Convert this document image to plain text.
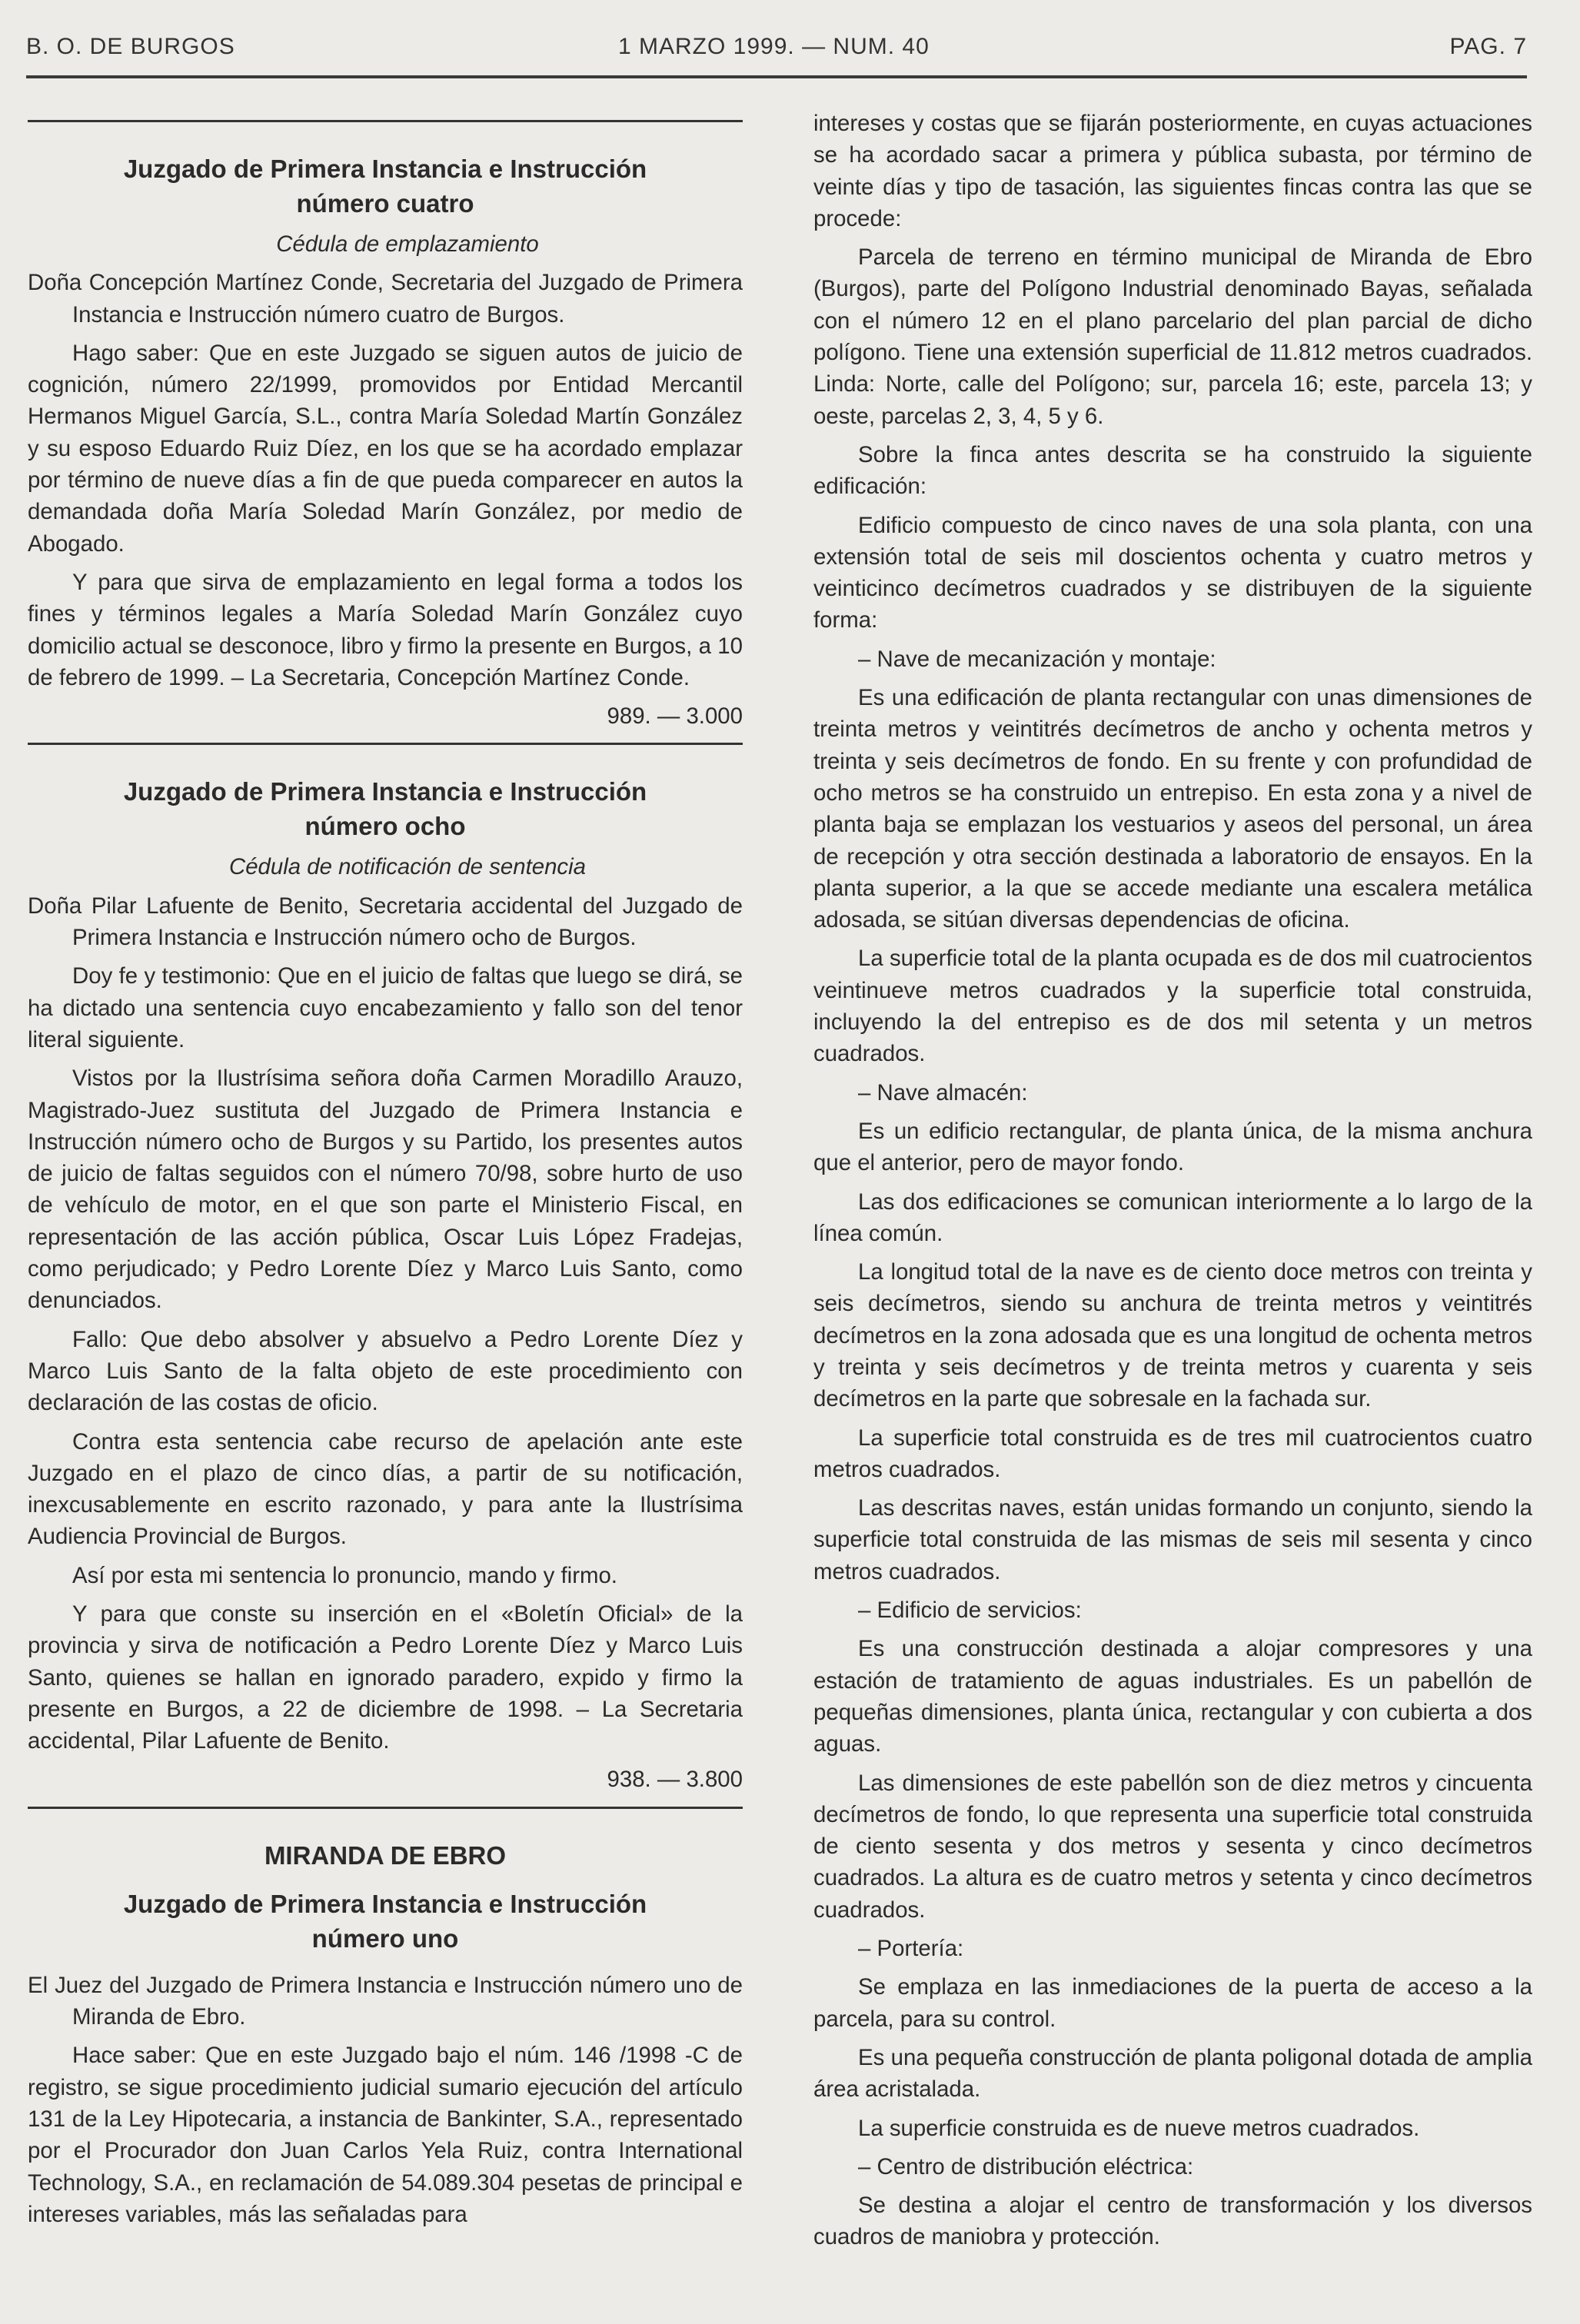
B. O. DE BURGOS	1 MARZO 1999. — NUM. 40	PAG. 7
Juzgado de Primera Instancia e Instrucción
número cuatro

Cédula de emplazamiento

Doña Concepción Martínez Conde, Secretaria del Juzgado de Primera Instancia e Instrucción número cuatro de Burgos.

Hago saber: Que en este Juzgado se siguen autos de juicio de cognición, número 22/1999, promovidos por Entidad Mercantil Hermanos Miguel García, S.L., contra María Soledad Martín González y su esposo Eduardo Ruiz Díez, en los que se ha acordado emplazar por término de nueve días a fin de que pueda comparecer en autos la demandada doña María Soledad Marín González, por medio de Abogado.

Y para que sirva de emplazamiento en legal forma a todos los fines y términos legales a María Soledad Marín González cuyo domicilio actual se desconoce, libro y firmo la presente en Burgos, a 10 de febrero de 1999. – La Secretaria, Concepción Martínez Conde.

989. — 3.000

Juzgado de Primera Instancia e Instrucción
número ocho

Cédula de notificación de sentencia

Doña Pilar Lafuente de Benito, Secretaria accidental del Juzgado de Primera Instancia e Instrucción número ocho de Burgos.

Doy fe y testimonio: Que en el juicio de faltas que luego se dirá, se ha dictado una sentencia cuyo encabezamiento y fallo son del tenor literal siguiente.

Vistos por la Ilustrísima señora doña Carmen Moradillo Arauzo, Magistrado-Juez sustituta del Juzgado de Primera Instancia e Instrucción número ocho de Burgos y su Partido, los presentes autos de juicio de faltas seguidos con el número 70/98, sobre hurto de uso de vehículo de motor, en el que son parte el Ministerio Fiscal, en representación de las acción pública, Oscar Luis López Fradejas, como perjudicado; y Pedro Lorente Díez y Marco Luis Santo, como denunciados.

Fallo: Que debo absolver y absuelvo a Pedro Lorente Díez y Marco Luis Santo de la falta objeto de este procedimiento con declaración de las costas de oficio.

Contra esta sentencia cabe recurso de apelación ante este Juzgado en el plazo de cinco días, a partir de su notificación, inexcusablemente en escrito razonado, y para ante la Ilustrísima Audiencia Provincial de Burgos.

Así por esta mi sentencia lo pronuncio, mando y firmo.

Y para que conste su inserción en el «Boletín Oficial» de la provincia y sirva de notificación a Pedro Lorente Díez y Marco Luis Santo, quienes se hallan en ignorado paradero, expido y firmo la presente en Burgos, a 22 de diciembre de 1998. – La Secretaria accidental, Pilar Lafuente de Benito.

938. — 3.800

MIRANDA DE EBRO
Juzgado de Primera Instancia e Instrucción
número uno

El Juez del Juzgado de Primera Instancia e Instrucción número uno de Miranda de Ebro.

Hace saber: Que en este Juzgado bajo el núm. 146 /1998 -C de registro, se sigue procedimiento judicial sumario ejecución del artículo 131 de la Ley Hipotecaria, a instancia de Bankinter, S.A., representado por el Procurador don Juan Carlos Yela Ruiz, contra International Technology, S.A., en reclamación de 54.089.304 pesetas de principal e intereses variables, más las señaladas para

intereses y costas que se fijarán posteriormente, en cuyas actuaciones se ha acordado sacar a primera y pública subasta, por término de veinte días y tipo de tasación, las siguientes fincas contra las que se procede:

Parcela de terreno en término municipal de Miranda de Ebro (Burgos), parte del Polígono Industrial denominado Bayas, señalada con el número 12 en el plano parcelario del plan parcial de dicho polígono. Tiene una extensión superficial de 11.812 metros cuadrados. Linda: Norte, calle del Polígono; sur, parcela 16; este, parcela 13; y oeste, parcelas 2, 3, 4, 5 y 6.

Sobre la finca antes descrita se ha construido la siguiente edificación:

Edificio compuesto de cinco naves de una sola planta, con una extensión total de seis mil doscientos ochenta y cuatro metros y veinticinco decímetros cuadrados y se distribuyen de la siguiente forma:

– Nave de mecanización y montaje:

Es una edificación de planta rectangular con unas dimensiones de treinta metros y veintitrés decímetros de ancho y ochenta metros y treinta y seis decímetros de fondo. En su frente y con profundidad de ocho metros se ha construido un entrepiso. En esta zona y a nivel de planta baja se emplazan los vestuarios y aseos del personal, un área de recepción y otra sección destinada a laboratorio de ensayos. En la planta superior, a la que se accede mediante una escalera metálica adosada, se sitúan diversas dependencias de oficina.

La superficie total de la planta ocupada es de dos mil cuatrocientos veintinueve metros cuadrados y la superficie total construida, incluyendo la del entrepiso es de dos mil setenta y un metros cuadrados.

– Nave almacén:

Es un edificio rectangular, de planta única, de la misma anchura que el anterior, pero de mayor fondo.

Las dos edificaciones se comunican interiormente a lo largo de la línea común.

La longitud total de la nave es de ciento doce metros con treinta y seis decímetros, siendo su anchura de treinta metros y veintitrés decímetros en la zona adosada que es una longitud de ochenta metros y treinta y seis decímetros y de treinta metros y cuarenta y seis decímetros en la parte que sobresale en la fachada sur.

La superficie total construida es de tres mil cuatrocientos cuatro metros cuadrados.

Las descritas naves, están unidas formando un conjunto, siendo la superficie total construida de las mismas de seis mil sesenta y cinco metros cuadrados.

– Edificio de servicios:

Es una construcción destinada a alojar compresores y una estación de tratamiento de aguas industriales. Es un pabellón de pequeñas dimensiones, planta única, rectangular y con cubierta a dos aguas.

Las dimensiones de este pabellón son de diez metros y cincuenta decímetros de fondo, lo que representa una superficie total construida de ciento sesenta y dos metros y sesenta y cinco decímetros cuadrados. La altura es de cuatro metros y setenta y cinco decímetros cuadrados.

– Portería:

Se emplaza en las inmediaciones de la puerta de acceso a la parcela, para su control.

Es una pequeña construcción de planta poligonal dotada de amplia área acristalada.

La superficie construida es de nueve metros cuadrados.

– Centro de distribución eléctrica:

Se destina a alojar el centro de transformación y los diversos cuadros de maniobra y protección.
